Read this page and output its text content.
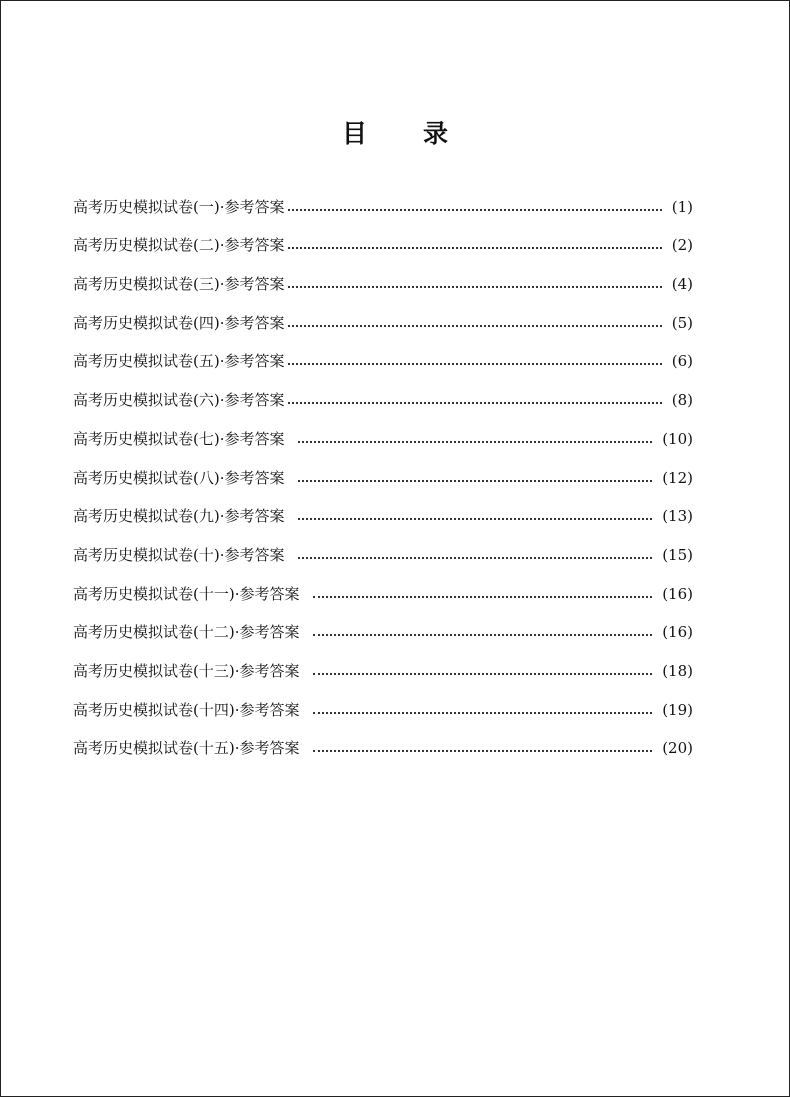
目 录
高考历史模拟试卷(一)·参考答案	(1)
高考历史模拟试卷(二)·参考答案	(2)
高考历史模拟试卷(三)·参考答案	(4)
高考历史模拟试卷(四)·参考答案	(5)
高考历史模拟试卷(五)·参考答案	(6)
高考历史模拟试卷(六)·参考答案	(8)
高考历史模拟试卷(七)·参考答案	(10)
高考历史模拟试卷(八)·参考答案	(12)
高考历史模拟试卷(九)·参考答案	(13)
高考历史模拟试卷(十)·参考答案	(15)
高考历史模拟试卷(十一)·参考答案	(16)
高考历史模拟试卷(十二)·参考答案	(16)
高考历史模拟试卷(十三)·参考答案	(18)
高考历史模拟试卷(十四)·参考答案	(19)
高考历史模拟试卷(十五)·参考答案	(20)
